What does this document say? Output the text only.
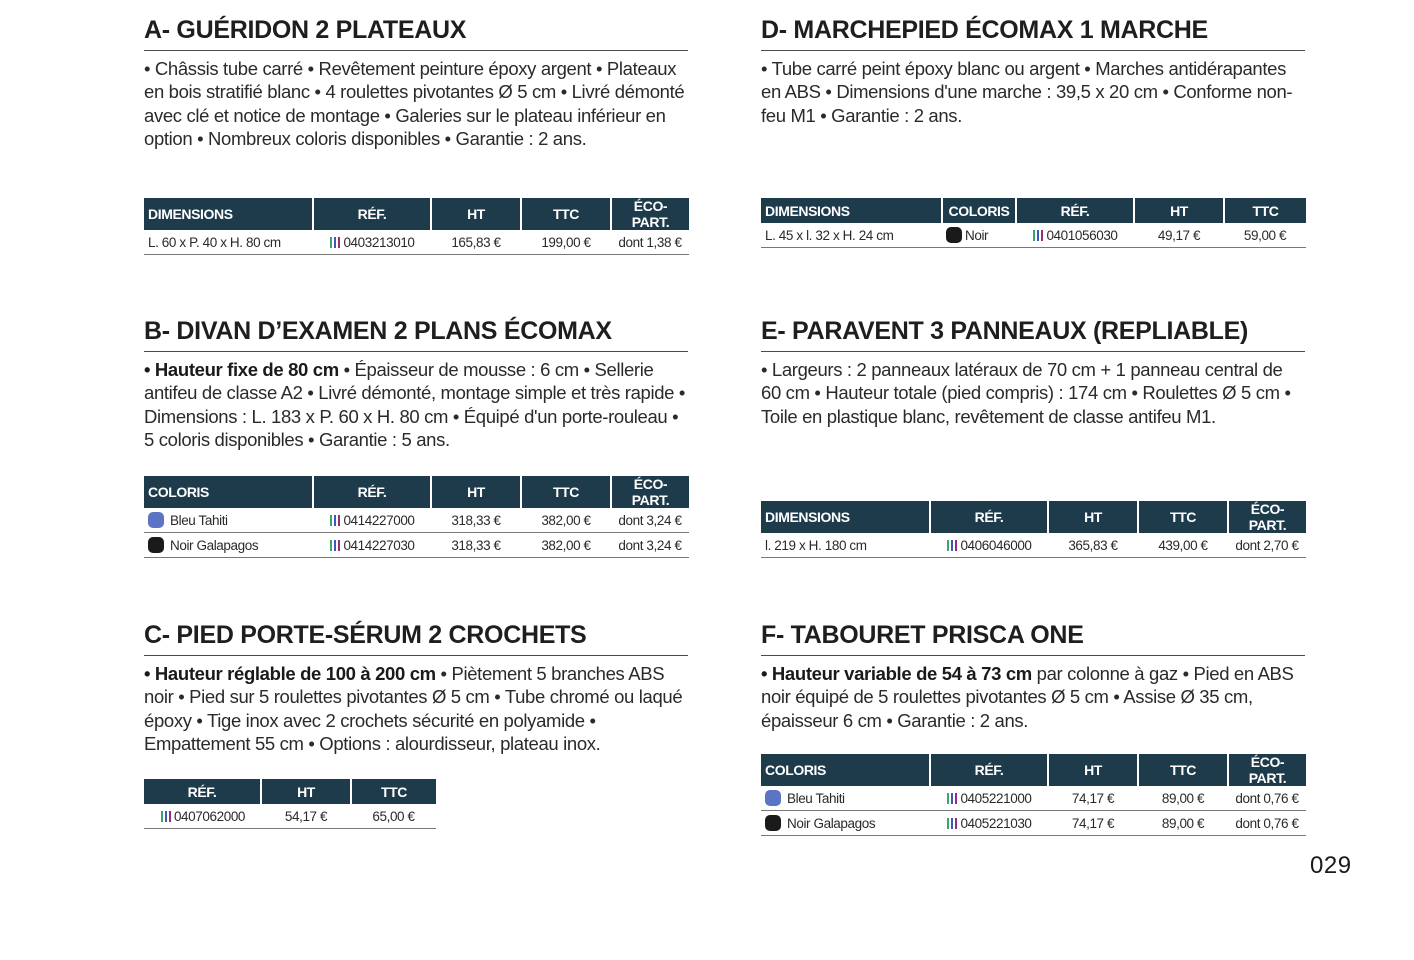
A- GUÉRIDON 2 PLATEAUX

• Châssis tube carré • Revêtement peinture époxy argent • Plateaux en bois stratifié blanc • 4 roulettes pivotantes Ø 5 cm • Livré démonté avec clé et notice de montage • Galeries sur le plateau inférieur en option • Nombreux coloris disponibles • Garantie : 2 ans.

DIMENSIONS	RÉF.	HT	TTC	ÉCO-PART.
L. 60 x P. 40 x H. 80 cm	0403213010	165,83 €	199,00 €	dont 1,38 €
B- DIVAN D’EXAMEN 2 PLANS ÉCOMAX

• Hauteur fixe de 80 cm • Épaisseur de mousse : 6 cm • Sellerie antifeu de classe A2 • Livré démonté, montage simple et très rapide • Dimensions : L. 183 x P. 60 x H. 80 cm • Équipé d'un porte-rouleau • 5 coloris disponibles • Garantie : 5 ans.

COLORIS	RÉF.	HT	TTC	ÉCO-PART.
Bleu Tahiti	0414227000	318,33 €	382,00 €	dont 3,24 €
Noir Galapagos	0414227030	318,33 €	382,00 €	dont 3,24 €
C- PIED PORTE-SÉRUM 2 CROCHETS

• Hauteur réglable de 100 à 200 cm • Piètement 5 branches ABS noir • Pied sur 5 roulettes pivotantes Ø 5 cm • Tube chromé ou laqué époxy • Tige inox avec 2 crochets sécurité en polyamide • Empattement 55 cm • Options : alourdisseur, plateau inox.

RÉF.	HT	TTC

0407062000	54,17 €	65,00 €
D- MARCHEPIED ÉCOMAX 1 MARCHE

• Tube carré peint époxy blanc ou argent • Marches antidérapantes en ABS • Dimensions d'une marche : 39,5 x 20 cm • Conforme non-feu M1 • Garantie : 2 ans.

DIMENSIONS	COLORIS	RÉF.	HT	TTC
L. 45 x l. 32 x H. 24 cm	Noir	0401056030	49,17 €	59,00 €
E- PARAVENT 3 PANNEAUX (REPLIABLE)

• Largeurs : 2 panneaux latéraux de 70 cm + 1 panneau central de 60 cm • Hauteur totale (pied compris) : 174 cm • Roulettes Ø 5 cm • Toile en plastique blanc, revêtement de classe antifeu M1.

DIMENSIONS	RÉF.	HT	TTC	ÉCO-PART.
l. 219 x H. 180 cm	0406046000	365,83 €	439,00 €	dont 2,70 €
F- TABOURET PRISCA ONE

• Hauteur variable de 54 à 73 cm par colonne à gaz • Pied en ABS noir équipé de 5 roulettes pivotantes Ø 5 cm • Assise Ø 35 cm, épaisseur 6 cm • Garantie : 2 ans.

COLORIS	RÉF.	HT	TTC	ÉCO-PART.
Bleu Tahiti	0405221000	74,17 €	89,00 €	dont 0,76 €
Noir Galapagos	0405221030	74,17 €	89,00 €	dont 0,76 €
029
